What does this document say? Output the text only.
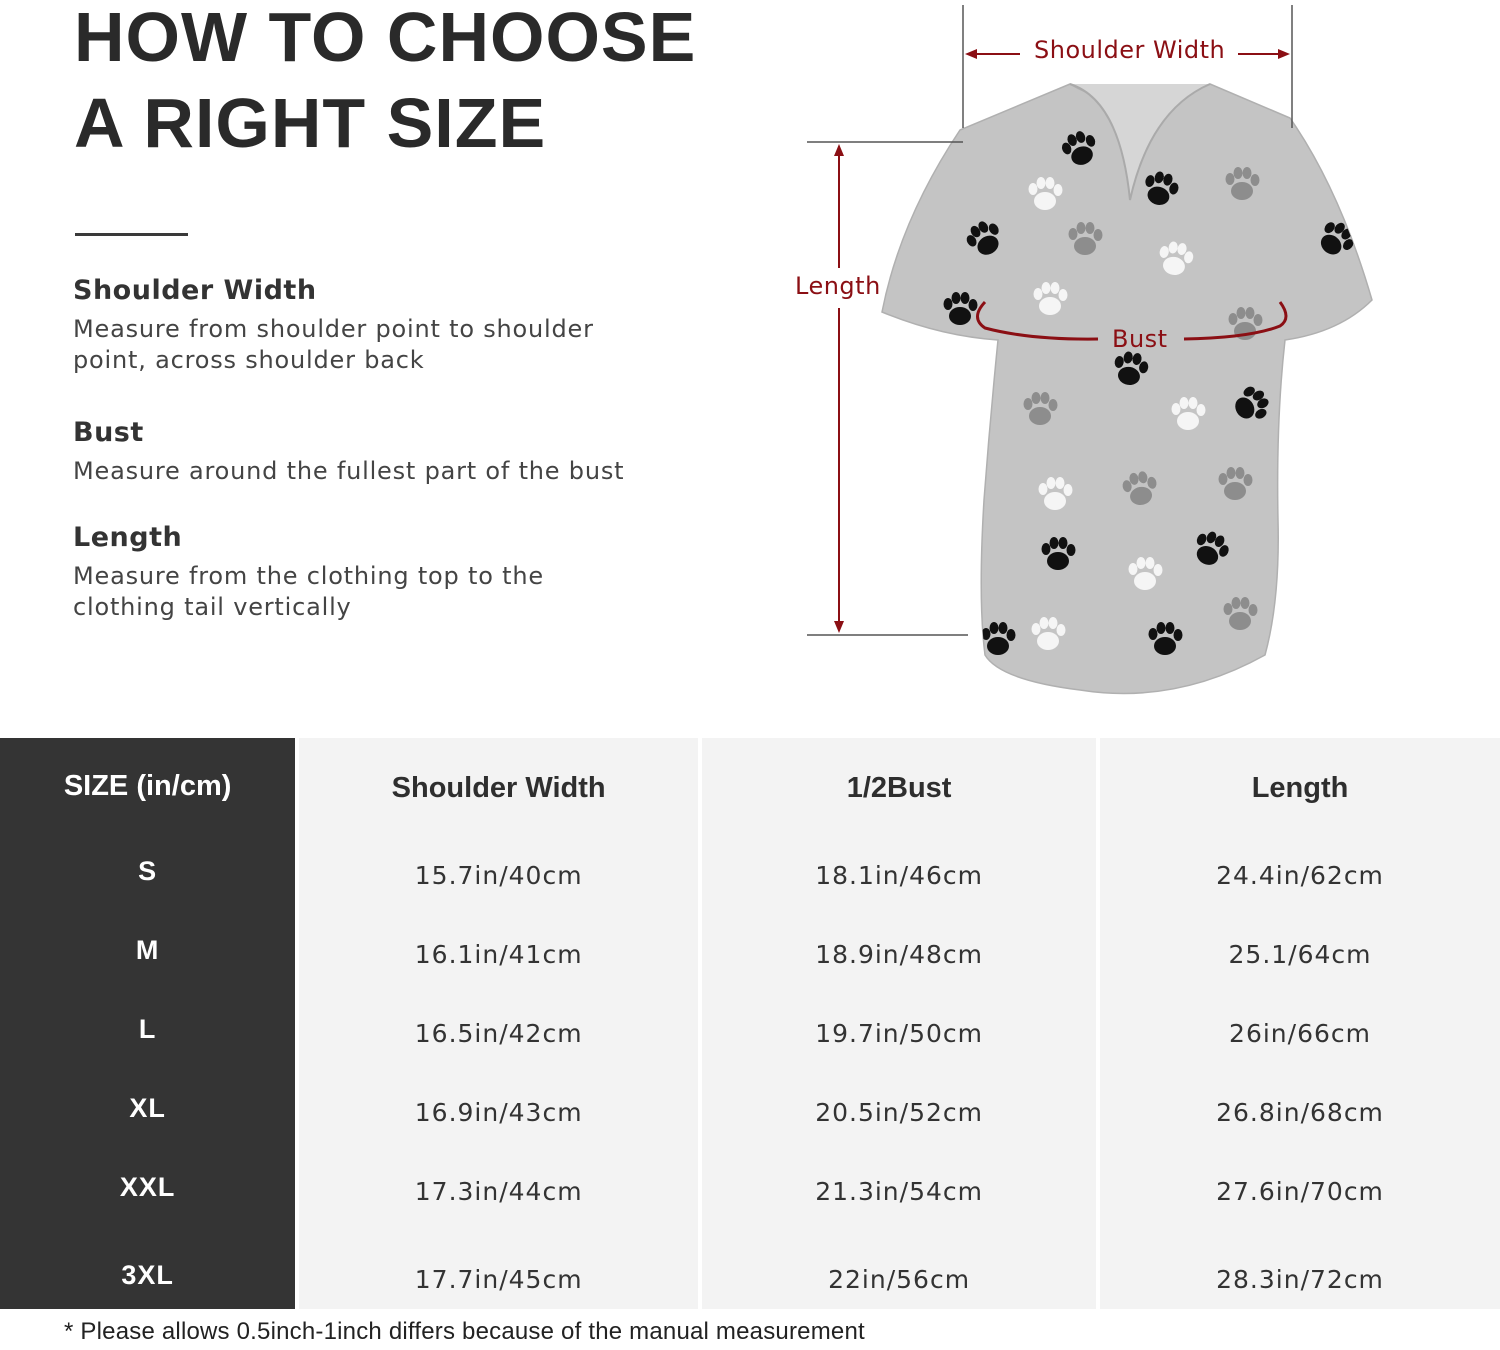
HOW TO CHOOSE
A RIGHT SIZE
Shoulder Width

Measure from shoulder point to shoulder point, across shoulder back

Bust

Measure around the fullest part of the bust

Length

Measure from the clothing top to the clothing tail vertically

Shoulder Width
Length
Bust
SIZE (in/cm)
S
M
L
XL
XXL
3XL
Shoulder Width
15.7in/40cm
16.1in/41cm
16.5in/42cm
16.9in/43cm
17.3in/44cm
17.7in/45cm
1/2Bust
18.1in/46cm
18.9in/48cm
19.7in/50cm
20.5in/52cm
21.3in/54cm
22in/56cm
Length
24.4in/62cm
25.1/64cm
26in/66cm
26.8in/68cm
27.6in/70cm
28.3in/72cm
* Please allows 0.5inch-1inch differs because of the manual measurement
